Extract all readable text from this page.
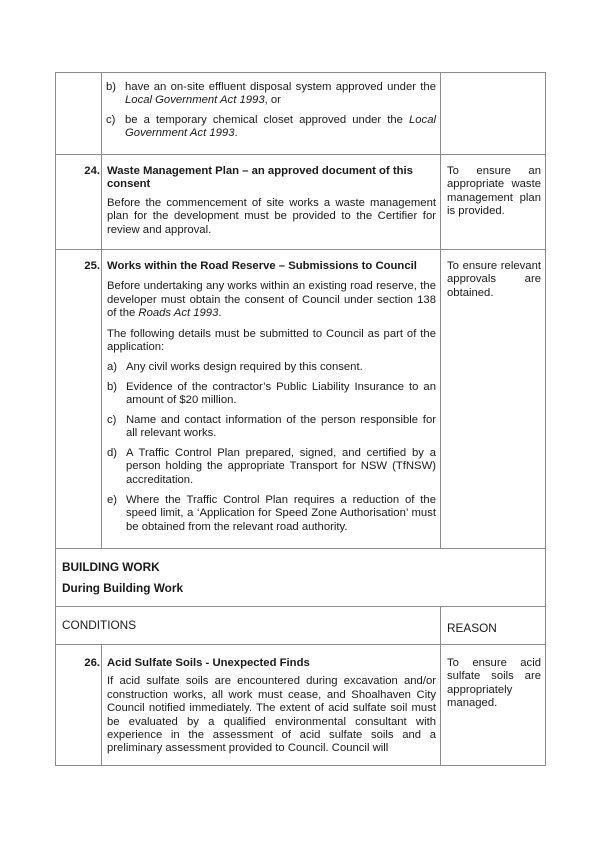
b) have an on-site effluent disposal system approved under the Local Government Act 1993, or

c) be a temporary chemical closet approved under the Local Government Act 1993.

24. Waste Management Plan – an approved document of this consent

Before the commencement of site works a waste management plan for the development must be provided to the Certifier for review and approval.

To ensure an appropriate waste management plan is provided.

25. Works within the Road Reserve – Submissions to Council

Before undertaking any works within an existing road reserve, the developer must obtain the consent of Council under section 138 of the Roads Act 1993.

The following details must be submitted to Council as part of the application:

a) Any civil works design required by this consent.

b) Evidence of the contractor’s Public Liability Insurance to an amount of $20 million.

c) Name and contact information of the person responsible for all relevant works.

d) A Traffic Control Plan prepared, signed, and certified by a person holding the appropriate Transport for NSW (TfNSW) accreditation.

e) Where the Traffic Control Plan requires a reduction of the speed limit, a ‘Application for Speed Zone Authorisation’ must be obtained from the relevant road authority.

To ensure relevant approvals are obtained.

BUILDING WORK

During Building Work

CONDITIONS	REASON

26. Acid Sulfate Soils - Unexpected Finds

If acid sulfate soils are encountered during excavation and/or construction works, all work must cease, and Shoalhaven City Council notified immediately. The extent of acid sulfate soil must be evaluated by a qualified environmental consultant with experience in the assessment of acid sulfate soils and a preliminary assessment provided to Council. Council will

To ensure acid sulfate soils are appropriately managed.
